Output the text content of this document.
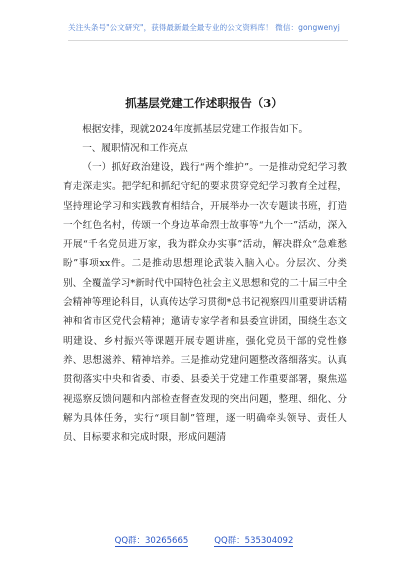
关注头条号"公文研究"，获得最新最全最专业的公文资料库！ 微信：gongwenyj
抓基层党建工作述职报告（3）

根据安排，现就2024年度抓基层党建工作报告如下。

一、履职情况和工作亮点

（一）抓好政治建设，践行“两个维护”。一是推动党纪学习教育走深走实。把学纪和抓纪守纪的要求贯穿党纪学习教育全过程，坚持理论学习和实践教育相结合，开展举办一次专题读书班，打造一个红色名村，传颂一个身边革命烈士故事等“九个一”活动，深入开展“千名党员进万家，我为群众办实事”活动，解决群众“急难愁盼”事项xx件。二是推动思想理论武装入脑入心。分层次、分类别、全覆盖学习*新时代中国特色社会主义思想和党的二十届三中全会精神等理论科目，认真传达学习贯彻*总书记视察四川重要讲话精神和省市区党代会精神；邀请专家学者和县委宣讲团，围绕生态文明建设、乡村振兴等课题开展专题讲座，强化党员干部的党性修养、思想滋养、精神培养。三是推动党建问题整改落细落实。认真贯彻落实中央和省委、市委、县委关于党建工作重要部署，聚焦巡视巡察反馈问题和内部检查督查发现的突出问题，整理、细化、分解为具体任务，实行“项目制”管理，逐一明确牵头领导、责任人员、目标要求和完成时限，形成问题清

QQ群：30265665	QQ群：535304092
